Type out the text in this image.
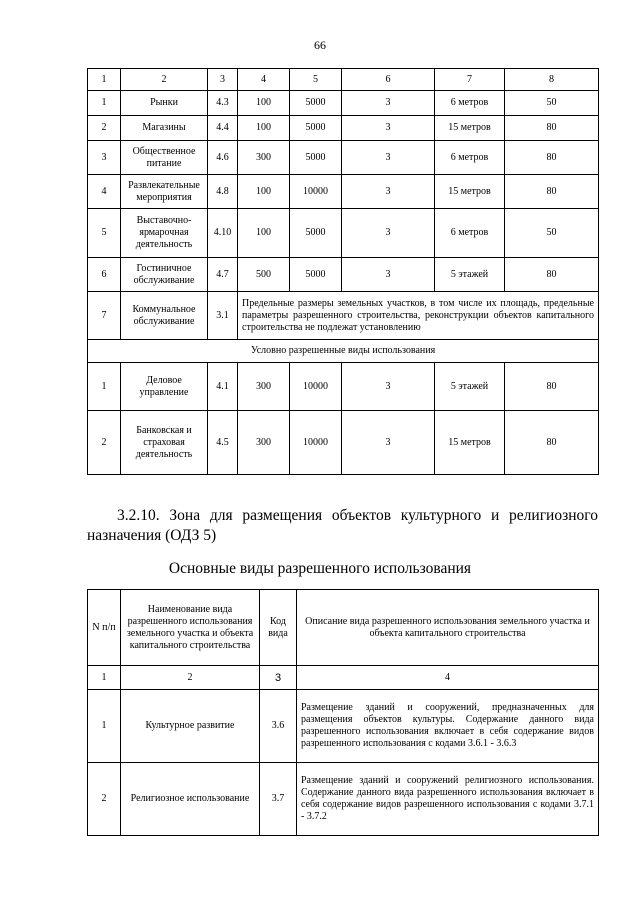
66
1	2	3	4	5	6	7	8
1	Рынки	4.3	100	5000	3	6 метров	50
2	Магазины	4.4	100	5000	3	15 метров	80
3	Общественное питание	4.6	300	5000	3	6 метров	80
4	Развлекательные мероприятия	4.8	100	10000	3	15 метров	80
5	Выставочно-ярмарочная деятельность	4.10	100	5000	3	6 метров	50
6	Гостиничное обслуживание	4.7	500	5000	3	5 этажей	80
7	Коммунальное обслуживание	3.1	Предельные размеры земельных участков, в том числе их площадь, предельные параметры разрешенного строительства, реконструкции объектов капитального строительства не подлежат установлению				
Условно разрешенные виды использования							
1	Деловое управление	4.1	300	10000	3	5 этажей	80
2	Банковская и страховая деятельность	4.5	300	10000	3	15 метров	80
3.2.10. Зона для размещения объектов культурного и религиозного назначения (ОДЗ 5)
Основные виды разрешенного использования
N п/п	Наименование вида разрешенного использования земельного участка и объекта капитального строительства	Код вида	Описание вида разрешенного использования земельного участка и объекта капитального строительства
1	2	3	4
1	Культурное развитие	3.6	Размещение зданий и сооружений, предназначенных для размещения объектов культуры. Содержание данного вида разрешенного использования включает в себя содержание видов разрешенного использования с кодами 3.6.1 - 3.6.3
2	Религиозное использование	3.7	Размещение зданий и сооружений религиозного использования. Содержание данного вида разрешенного использования включает в себя содержание видов разрешенного использования с кодами 3.7.1 - 3.7.2
